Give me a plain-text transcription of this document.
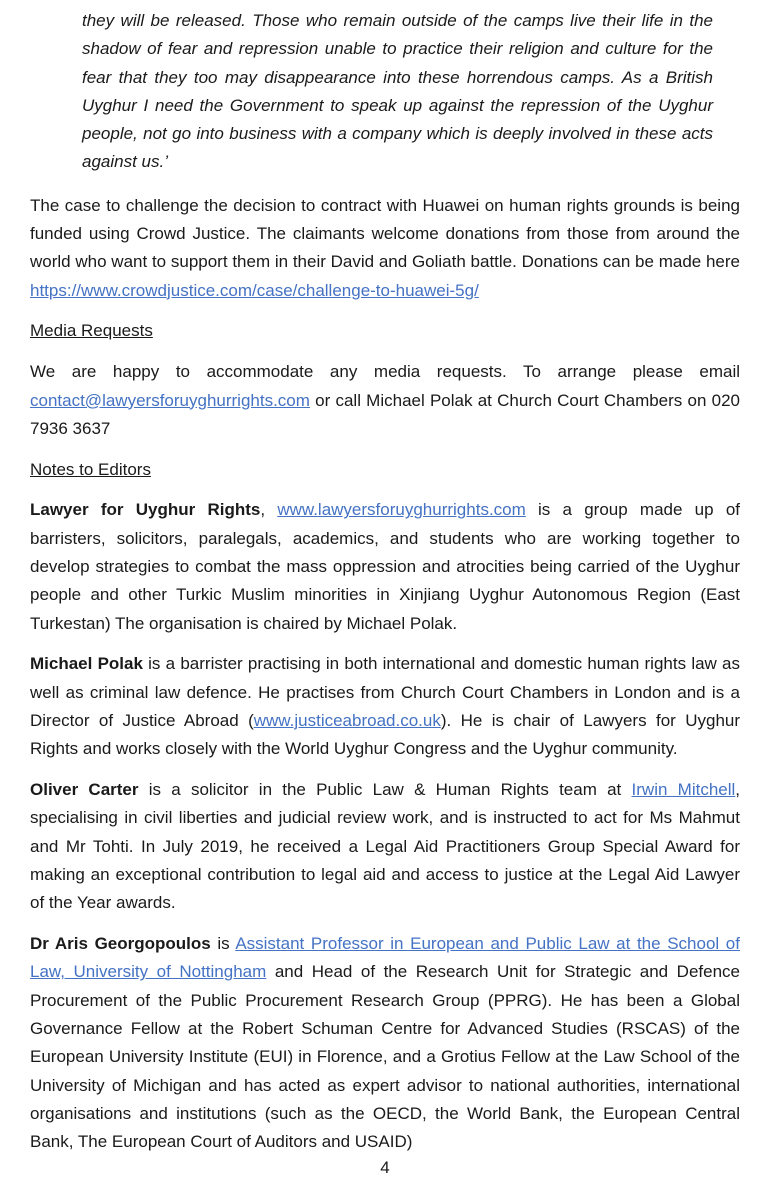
they will be released. Those who remain outside of the camps live their life in the shadow of fear and repression unable to practice their religion and culture for the fear that they too may disappearance into these horrendous camps. As a British Uyghur I need the Government to speak up against the repression of the Uyghur people, not go into business with a company which is deeply involved in these acts against us.’

The case to challenge the decision to contract with Huawei on human rights grounds is being funded using Crowd Justice. The claimants welcome donations from those from around the world who want to support them in their David and Goliath battle. Donations can be made here https://www.crowdjustice.com/case/challenge-to-huawei-5g/

Media Requests

We are happy to accommodate any media requests. To arrange please email contact@lawyersforuyghurrights.com or call Michael Polak at Church Court Chambers on 020 7936 3637

Notes to Editors

Lawyer for Uyghur Rights, www.lawyersforuyghurrights.com is a group made up of barristers, solicitors, paralegals, academics, and students who are working together to develop strategies to combat the mass oppression and atrocities being carried of the Uyghur people and other Turkic Muslim minorities in Xinjiang Uyghur Autonomous Region (East Turkestan) The organisation is chaired by Michael Polak.

Michael Polak is a barrister practising in both international and domestic human rights law as well as criminal law defence. He practises from Church Court Chambers in London and is a Director of Justice Abroad (www.justiceabroad.co.uk). He is chair of Lawyers for Uyghur Rights and works closely with the World Uyghur Congress and the Uyghur community.

Oliver Carter is a solicitor in the Public Law & Human Rights team at Irwin Mitchell, specialising in civil liberties and judicial review work, and is instructed to act for Ms Mahmut and Mr Tohti. In July 2019, he received a Legal Aid Practitioners Group Special Award for making an exceptional contribution to legal aid and access to justice at the Legal Aid Lawyer of the Year awards.

Dr Aris Georgopoulos is Assistant Professor in European and Public Law at the School of Law, University of Nottingham and Head of the Research Unit for Strategic and Defence Procurement of the Public Procurement Research Group (PPRG). He has been a Global Governance Fellow at the Robert Schuman Centre for Advanced Studies (RSCAS) of the European University Institute (EUI) in Florence, and a Grotius Fellow at the Law School of the University of Michigan and has acted as expert advisor to national authorities, international organisations and institutions (such as the OECD, the World Bank, the European Central Bank, The European Court of Auditors and USAID)

4
